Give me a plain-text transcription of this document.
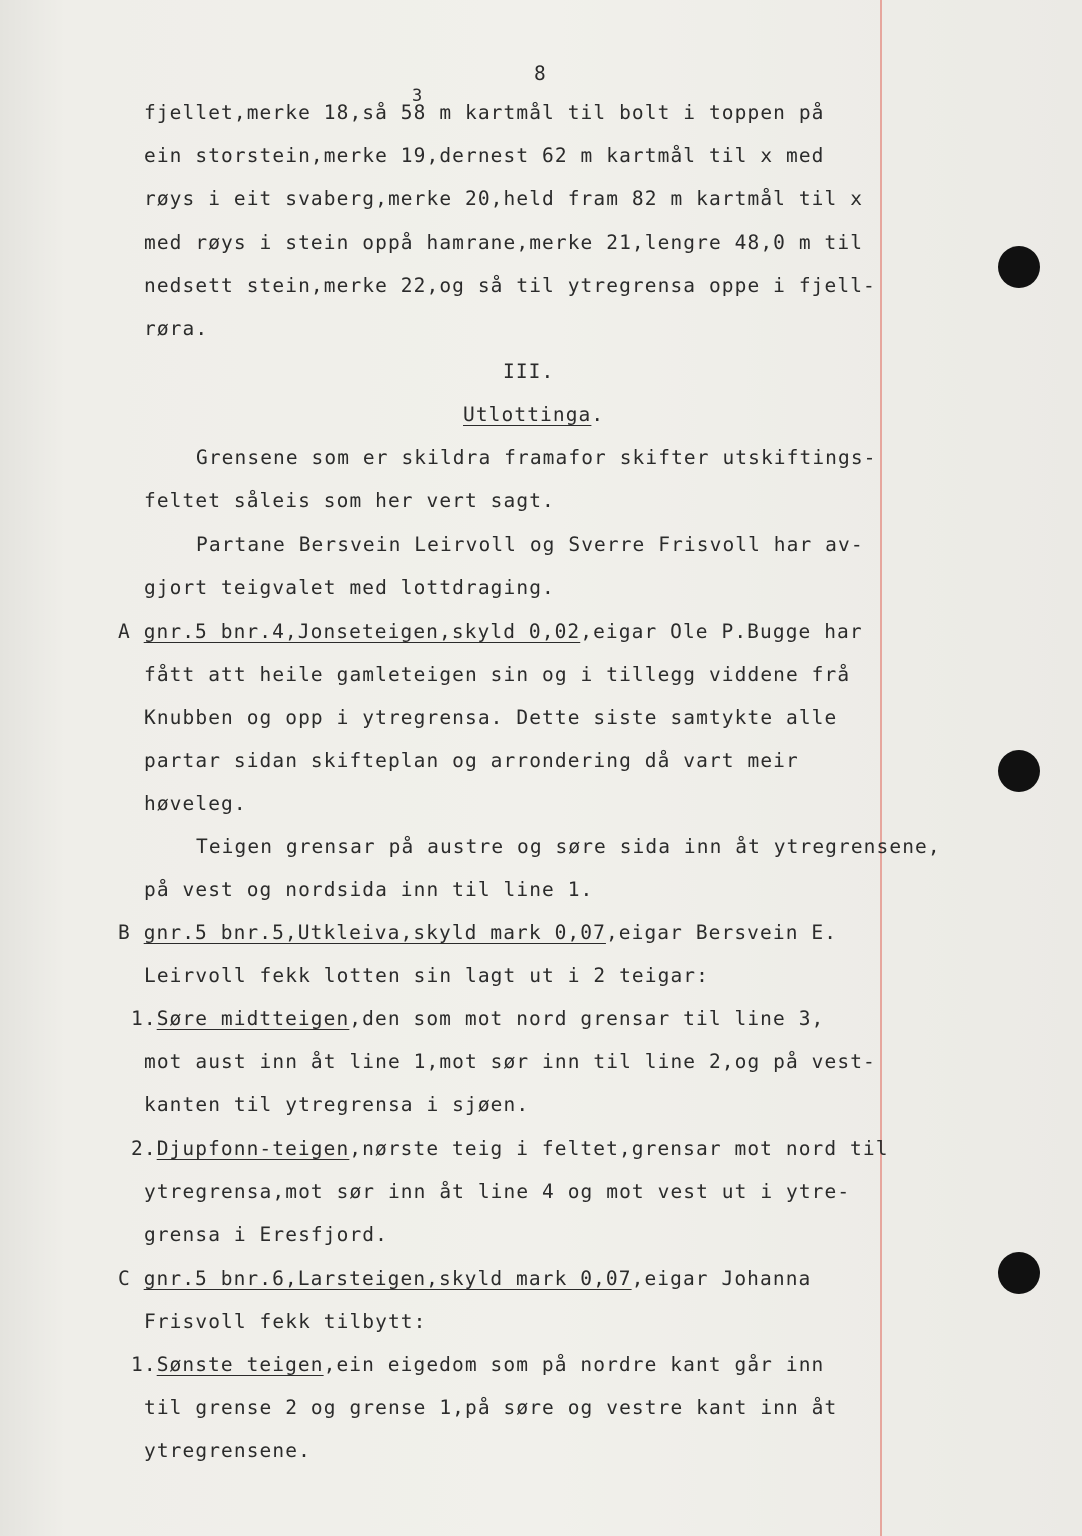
8
3
fjellet,merke 18,så 58 m kartmål til bolt i toppen på
ein storstein,merke 19,dernest 62 m kartmål til x med
røys i eit svaberg,merke 20,held fram 82 m kartmål til x
med røys i stein oppå hamrane,merke 21,lengre 48,0 m til
nedsett stein,merke 22,og så til ytregrensa oppe i fjell-
røra.
III.
Utlottinga.
Grensene som er skildra framafor skifter utskiftings-
feltet såleis som her vert sagt.
Partane Bersvein Leirvoll og Sverre Frisvoll har av-
gjort teigvalet med lottdraging.
A gnr.5 bnr.4,Jonseteigen,skyld 0,02,eigar Ole P.Bugge har
fått att heile gamleteigen sin og i tillegg viddene frå
Knubben og opp i ytregrensa. Dette siste samtykte alle
partar sidan skifteplan og arrondering då vart meir
høveleg.
Teigen grensar på austre og søre sida inn åt ytregrensene,
på vest og nordsida inn til line 1.
B gnr.5 bnr.5,Utkleiva,skyld mark 0,07,eigar Bersvein E.
Leirvoll fekk lotten sin lagt ut i 2 teigar:
1.Søre midtteigen,den som mot nord grensar til line 3,
mot aust inn åt line 1,mot sør inn til line 2,og på vest-
kanten til ytregrensa i sjøen.
2.Djupfonn-teigen,nørste teig i feltet,grensar mot nord til
ytregrensa,mot sør inn åt line 4 og mot vest ut i ytre-
grensa i Eresfjord.
C gnr.5 bnr.6,Larsteigen,skyld mark 0,07,eigar Johanna
Frisvoll fekk tilbytt:
1.Sønste teigen,ein eigedom som på nordre kant går inn
til grense 2 og grense 1,på søre og vestre kant inn åt
ytregrensene.
